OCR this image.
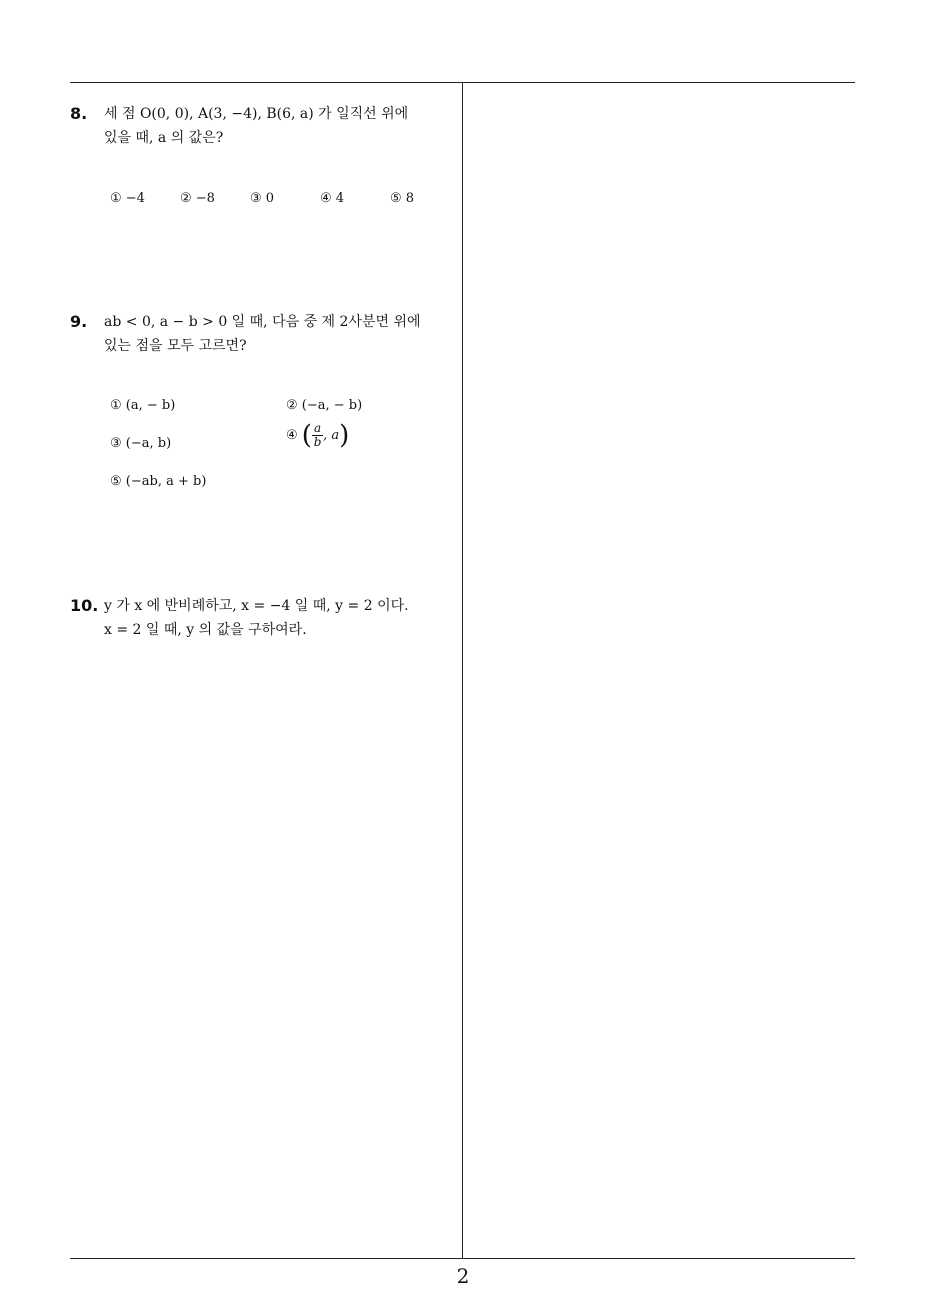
8. 세 점 O(0, 0), A(3, −4), B(6, a) 가 일직선 위에
있을 때, a 의 값은?
① −4	② −8	③ 0	④ 4	⑤ 8
9. ab < 0, a − b > 0 일 때, 다음 중 제 2사분면 위에
있는 점을 모두 고르면?
① (a, − b)	② (−a, − b)
③ (−a, b)
④ ( $\frac{a}{b}$ , a)
⑤ (−ab, a + b)
10. y 가 x 에 반비례하고, x = −4 일 때, y = 2 이다.
x = 2 일 때, y 의 값을 구하여라.
2
